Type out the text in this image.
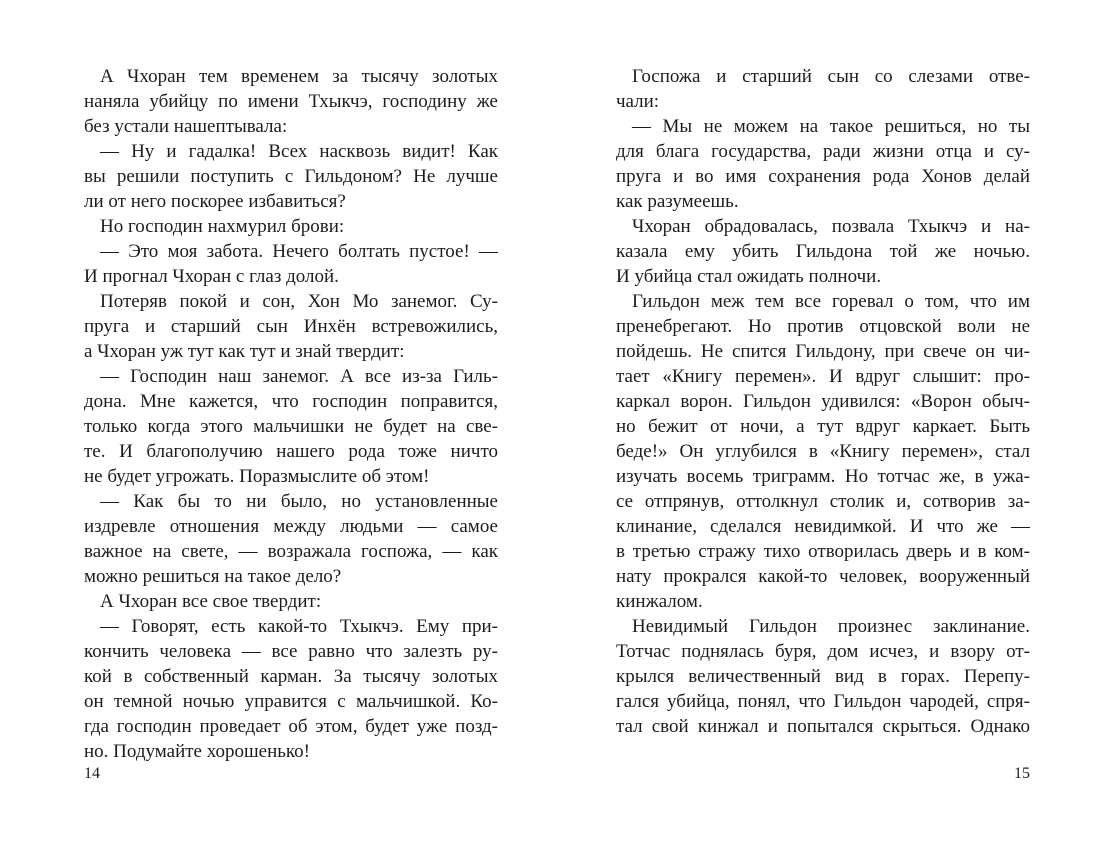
А Чхоран тем временем за тысячу золотых
наняла убийцу по имени Тхыкчэ, господину же
без устали нашептывала:
— Ну и гадалка! Всех насквозь видит! Как
вы решили поступить с Гильдоном? Не лучше
ли от него поскорее избавиться?
Но господин нахмурил брови:
— Это моя забота. Нечего болтать пустое! —
И прогнал Чхоран с глаз долой.
Потеряв покой и сон, Хон Мо занемог. Су-
пруга и старший сын Инхён встревожились,
а Чхоран уж тут как тут и знай твердит:
— Господин наш занемог. А все из-за Гиль-
дона. Мне кажется, что господин поправится,
только когда этого мальчишки не будет на све-
те. И благополучию нашего рода тоже ничто
не будет угрожать. Поразмыслите об этом!
— Как бы то ни было, но установленные
издревле отношения между людьми — самое
важное на свете, — возражала госпожа, — как
можно решиться на такое дело?
А Чхоран все свое твердит:
— Говорят, есть какой-то Тхыкчэ. Ему при-
кончить человека — все равно что залезть ру-
кой в собственный карман. За тысячу золотых
он темной ночью управится с мальчишкой. Ко-
гда господин проведает об этом, будет уже позд-
но. Подумайте хорошенько!
Госпожа и старший сын со слезами отве-
чали:
— Мы не можем на такое решиться, но ты
для блага государства, ради жизни отца и су-
пруга и во имя сохранения рода Хонов делай
как разумеешь.
Чхоран обрадовалась, позвала Тхыкчэ и на-
казала ему убить Гильдона той же ночью.
И убийца стал ожидать полночи.
Гильдон меж тем все горевал о том, что им
пренебрегают. Но против отцовской воли не
пойдешь. Не спится Гильдону, при свече он чи-
тает «Книгу перемен». И вдруг слышит: про-
каркал ворон. Гильдон удивился: «Ворон обыч-
но бежит от ночи, а тут вдруг каркает. Быть
беде!» Он углубился в «Книгу перемен», стал
изучать восемь триграмм. Но тотчас же, в ужа-
се отпрянув, оттолкнул столик и, сотворив за-
клинание, сделался невидимкой. И что же —
в третью стражу тихо отворилась дверь и в ком-
нату прокрался какой-то человек, вооруженный
кинжалом.
Невидимый Гильдон произнес заклинание.
Тотчас поднялась буря, дом исчез, и взору от-
крылся величественный вид в горах. Перепу-
гался убийца, понял, что Гильдон чародей, спря-
тал свой кинжал и попытался скрыться. Однако
14	15
